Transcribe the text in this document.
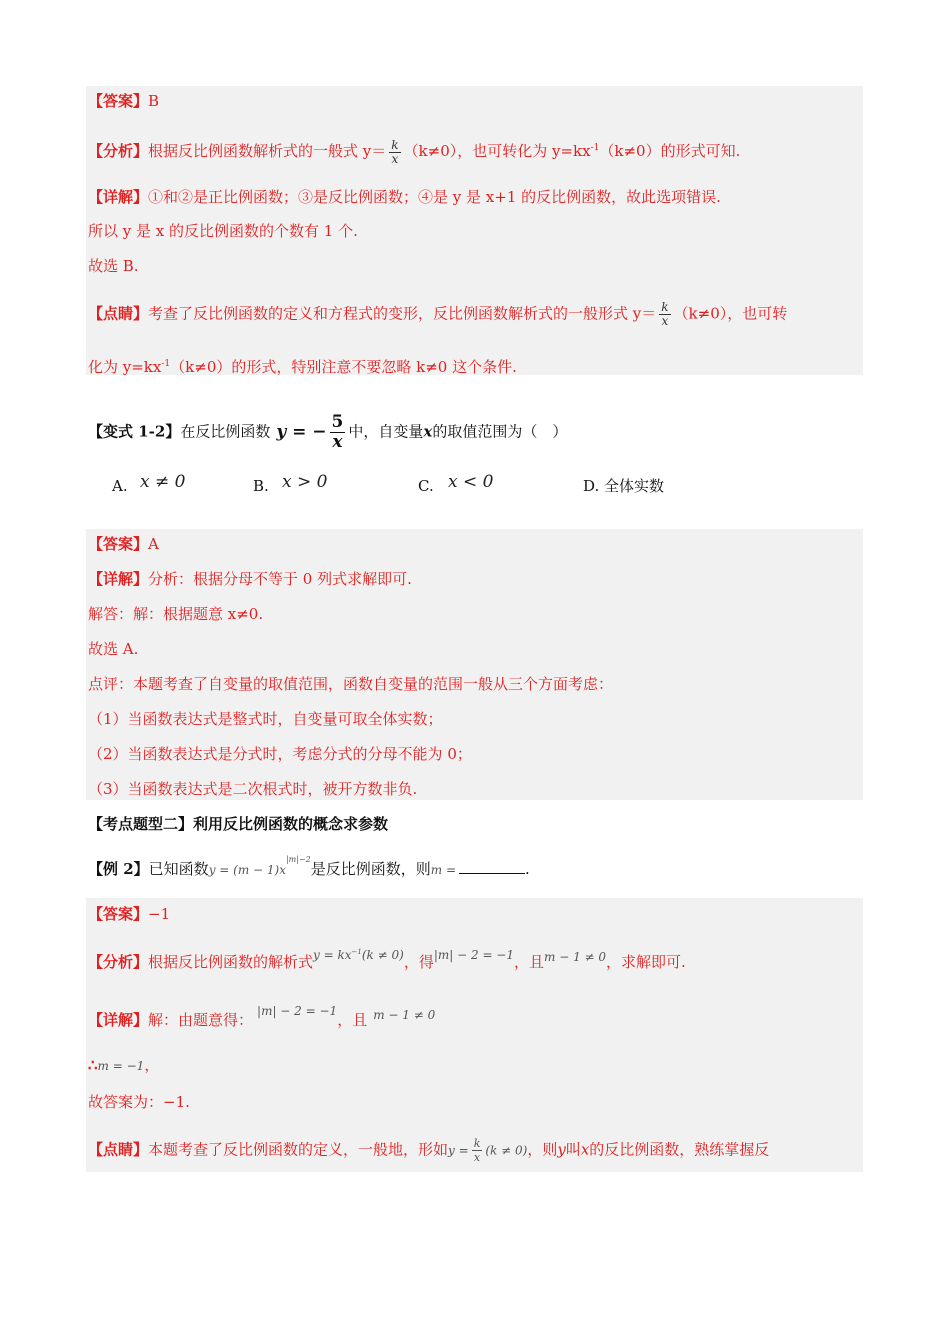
【答案】B
【分析】根据反比例函数解析式的一般式 $y= \frac{k}{x} (k\ne 0)$，也可转化为 $y=kx^{-1}(k\ne 0)$的形式可知.
【详解】①和②是正比例函数；③是反比例函数；④是 y 是 x+1 的反比例函数，故此选项错误.
所以 y 是 x 的反比例函数的个数有 1 个.
故选 B.
【点睛】考查了反比例函数的定义和方程式的变形，反比例函数解析式的一般形式 $y= \frac{k}{x} (k\ne 0)$，也可转
化为 $y=kx^{-1}(k\ne 0)$的形式，特别注意不要忽略 k≠0 这个条件.
【变式 1-2】在反比例函数 y = − $\frac{5}{x}$ 中，自变量x的取值范围为（　）
A. x ≠ 0	B. x > 0	C. x < 0	D. 全体实数
【答案】A
【详解】分析：根据分母不等于 0 列式求解即可.
解答：解：根据题意 x≠0.
故选 A.
点评：本题考查了自变量的取值范围，函数自变量的范围一般从三个方面考虑：
（1）当函数表达式是整式时，自变量可取全体实数；
（2）当函数表达式是分式时，考虑分式的分母不能为 0；
（3）当函数表达式是二次根式时，被开方数非负.
【考点题型二】利用反比例函数的概念求参数
【例 2】已知函数$y = (m - 1)x^{|m|-2}$是反比例函数，则m =	.
【答案】−1
【分析】根据反比例函数的解析式$^{y = kx^{-1}(k \ne 0)}$，得$^{|m| - 2 = -1}$，且$^{m - 1 \ne 0}$，求解即可.
【详解】解：由题意得： $^{|m| - 2 = -1}$，且 $^{m - 1 \ne 0}$
∴m = −1，
故答案为：−1.
【点睛】本题考查了反比例函数的定义，一般地，形如$y = \frac{k}{x} (k \ne 0)$，则y叫x的反比例函数，熟练掌握反
